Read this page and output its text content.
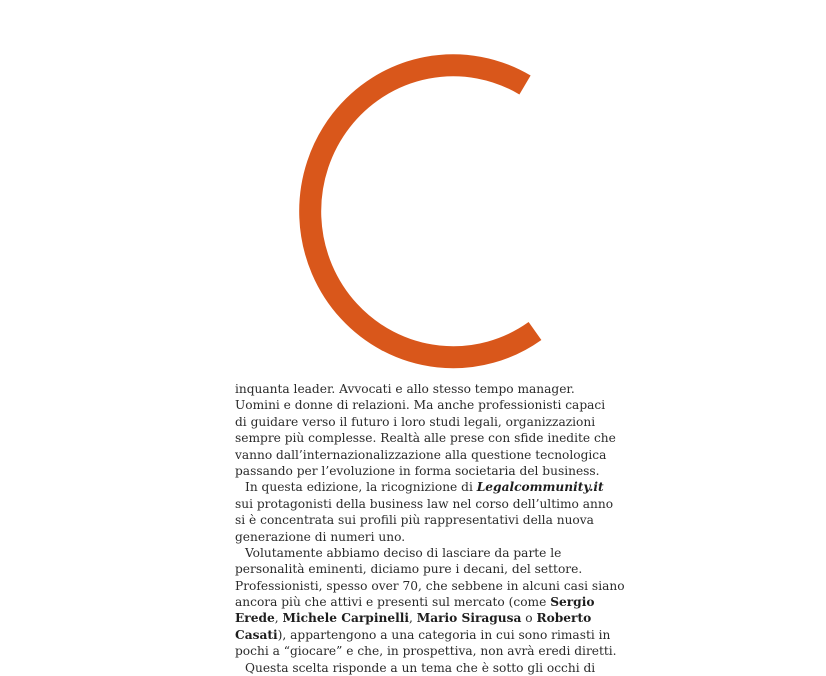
inquanta leader. Avvocati e allo stesso tempo manager.
Uomini e donne di relazioni. Ma anche professionisti capaci
di guidare verso il futuro i loro studi legali, organizzazioni
sempre più complesse. Realtà alle prese con sfide inedite che
vanno dall’internazionalizzazione alla questione tecnologica
passando per l’evoluzione in forma societaria del business.
In questa edizione, la ricognizione di Legalcommunity.it
sui protagonisti della business law nel corso dell’ultimo anno
si è concentrata sui profili più rappresentativi della nuova
generazione di numeri uno.
Volutamente abbiamo deciso di lasciare da parte le
personalità eminenti, diciamo pure i decani, del settore.
Professionisti, spesso over 70, che sebbene in alcuni casi siano
ancora più che attivi e presenti sul mercato (come Sergio
Erede, Michele Carpinelli, Mario Siragusa o Roberto
Casati), appartengono a una categoria in cui sono rimasti in
pochi a “giocare” e che, in prospettiva, non avrà eredi diretti.
Questa scelta risponde a un tema che è sotto gli occhi di
